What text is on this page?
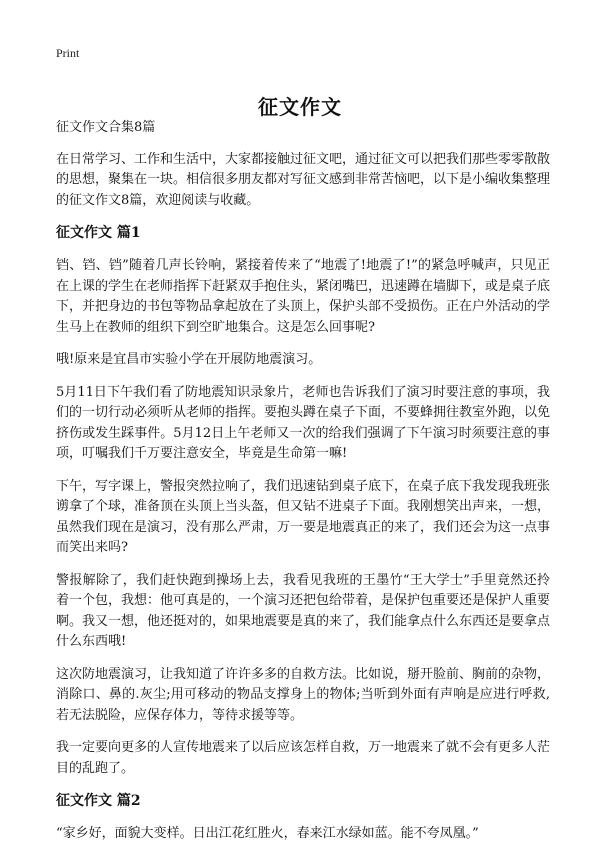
Print
征文作文

征文作文合集8篇

在日常学习、工作和生活中，大家都接触过征文吧，通过征文可以把我们那些零零散散的思想，聚集在一块。相信很多朋友都对写征文感到非常苦恼吧，以下是小编收集整理的征文作文8篇，欢迎阅读与收藏。

征文作文 篇1

铛、铛、铛”随着几声长铃响，紧接着传来了“地震了!地震了!”的紧急呼喊声，只见正在上课的学生在老师指挥下赶紧双手抱住头，紧闭嘴巴，迅速蹲在墙脚下，或是桌子底下，并把身边的书包等物品拿起放在了头顶上，保护头部不受损伤。正在户外活动的学生马上在教师的组织下到空旷地集合。这是怎么回事呢?

哦!原来是宜昌市实验小学在开展防地震演习。

5月11日下午我们看了防地震知识录象片，老师也告诉我们了演习时要注意的事项，我们的一切行动必须听从老师的指挥。要抱头蹲在桌子下面，不要蜂拥往教室外跑，以免挤伤或发生踩事件。5月12日上午老师又一次的给我们强调了下午演习时须要注意的事项，叮嘱我们千万要注意安全，毕竟是生命第一嘛!

下午，写字课上，警报突然拉响了，我们迅速钻到桌子底下，在桌子底下我发现我班张谫拿了个球，准备顶在头顶上当头盔，但又钻不进桌子下面。我刚想笑出声来，一想，虽然我们现在是演习，没有那么严肃，万一要是地震真正的来了，我们还会为这一点事而笑出来吗?

警报解除了，我们赶快跑到操场上去，我看见我班的王墨竹“王大学士”手里竟然还拎着一个包，我想：他可真是的，一个演习还把包给带着，是保护包重要还是保护人重要啊。我又一想，他还挺对的，如果地震要是真的来了，我们能拿点什么东西还是要拿点什么东西哦!

这次防地震演习，让我知道了许许多多的自救方法。比如说，掰开脸前、胸前的杂物，消除口、鼻的.灰尘;用可移动的物品支撑身上的物体;当听到外面有声响是应进行呼救,若无法脱险，应保存体力，等待求援等等。

我一定要向更多的人宣传地震来了以后应该怎样自救，万一地震来了就不会有更多人茫目的乱跑了。

征文作文 篇2

“家乡好，面貌大变样。日出江花红胜火，春来江水绿如蓝。能不夸凤凰。”
